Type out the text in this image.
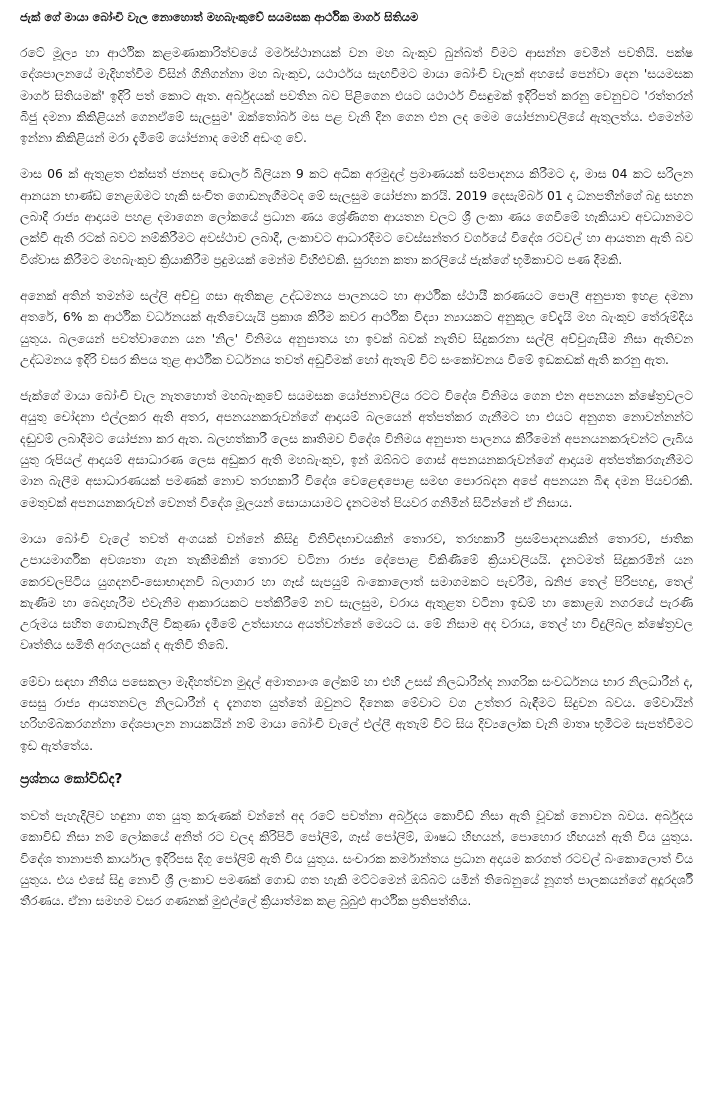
ජැක් ගේ මායා බෝංචි වැල නොහොත් මහබැංකුවේ සයමසක ආර්ථික මාර්ග සිතියම

රටේ මූල්‍ය හා ආර්ථික කළමණාකාරිත්වයේ මර්මස්ථානයක් වන මහ බැංකුව බුන්බත් විමට ආසන්න වෙමින් පවතියි. පක්ෂ දේශපාලනයේ මැදිහත්වීම විසින් ගිනිගන්නා මහ බැංකුව, යථාර්ථය සැඟවීමට මායා බෝංචි වැලක් අහසේ පෙන්වා දෙන 'සයමසක මාර්ග සිතියමක්' ඉදිරි පත් කොට ඇත. අර්බුදයක් පවතින බව පිළිගෙන එයට යථාර්ථ විසඳුමක් ඉදිරිපත් කරනු වෙනුවට 'රත්තරන් බිජු දමනා කිකිළියන් ගෙනඒමේ සැලසුම' ඔක්තෝබර් මස පළ වැනි දින ගෙන එන ලද මෙම යෝජනාවලියේ ඇතුලත්ය. එමෙන්ම ඉන්නා කිකිළියන් මරා දැමීමේ යෝජනාද මෙහි අඩංගු වේ.

මාස 06 ක් ඇතුළත එක්සත් ජනපද ඩොලර් බිලියන 9 කට අධික අරමුදල් ප්‍රමාණයක් සම්පාදනය කිරීමට ද, මාස 04 කට සරිලන ආනයන භාණ්ඩ නෙළඹමට හැකි සංචිත ගොඩනැගීමටද මේ සැලසුම යෝජනා කරයි. 2019 දෙසැම්බර් 01 දා ධනපතීන්ගේ බදු සහන ලබාදී රාජ්‍ය ආදායම පහළ දමාගෙන ලෝකයේ ප්‍රධාන ණය ශ්‍රේණිගත ආයතන වලට ශ්‍රී ලංකා ණය ගෙවීමේ හැකියාව අවධානමට ලක්වී ඇති රටක් බවට නම්කිරීමට අවස්ථාව ලබාදී, ලංකාවට ආධාරදීමට වෙස්සන්තර වර්ගයේ විදේශ රටවල් හා ආයතන ඇති බව විශ්වාස කිරීමට මහබැංකුව ක්‍රියාකිරීම ප්‍රදුමයක් මෙන්ම විහිළුවකි. සුරහන කතා කරලියේ ජැක්ගේ භූමිකාවට පණ දීමකි.

අනෙක් අතින් තමන්ම සල්ලි අච්චු ගසා ඇතිකළ උද්ධමනය පාලනයට හා ආර්ථික ස්ථායී කරණයට පොලී අනුපාත ඉහළ දමනා අතරේ, 6% ක ආර්ථික වර්ධනයක් ඇතිවෙයැයි ප්‍රකාශ කිරීම කවර ආර්ථික විද්‍යා න්‍යායකට අනුකූල වේදැයි මහ බැංකුව තේරුම්දිය යුතුය. බලයෙන් පවත්වාගෙන යන 'නිල' විනිමය අනුපාතය හා ඉවක් බවක් නැතිව සිදුකරනා සල්ලි අච්චුගැසීම නිසා ඇතිවන උද්ධමනය ඉදිරි වසර කිපය තුළ ආර්ථික වර්ධනය තවත් අඩුවීමක් හෝ ඇතැම් විට සංකෝචනය වීමේ ඉඩකඩක් ඇති කරනු ඇත.

ජැක්ගේ මායා බෝංචි වැල නැතහොත් මහබැංකුවේ සයමසක යෝජනාවලිය රටට විදේශ විනිමය ගෙන එන අපනයන ක්ෂේත්‍රවලට අයුතු චෝදනා එල්ලකර ඇති අතර, අපනයනකරුවන්ගේ ආදායම් බලයෙන් අත්පත්කර ගැනීමට හා එයට අනුගත නොවන්නන්ට දඬුවම් ලබාදීමට යෝජනා කර ඇත. බලහත්කාරී ලෙස කෘතිමව විදේශ විනිමය අනුපාත පාලනය කිරීමෙන් අපනයනකරුවන්ට ලැබිය යුතු රුපියල් ආදායම් අසාධාරණ ලෙස අඩුකර ඇති මහබැංකුව, ඉන් ඔබ්බට ගොස් අපනයනකරුවන්ගේ ආදායම අත්පත්කරගැනීමට මාන බැලීම අසාධාරණයක් පමණක් නොව තරහකාරී විදේශ වෙළෙඳපොළ සමඟ පොරබදන අපේ අපනයන බිඳ දමන පියවරකි. මෙතුවක් අපනයනකරුවන් වෙනත් විදේශ මූලයන් සොයායාමට දැනටමත් පියවර ගනිමින් සිටින්නේ ඒ නිසාය.

මායා බෝංචි වැලේ තවත් අංගයක් වන්නේ කිසිදු විනිවිදභාවයකින් තොරව, තරහකාරී ප්‍රසම්පාදනයකින් තොරව, ජාතික උපායමාර්ගික අවශ්‍යතා ගැන තැකීමකින් තොරව වටිනා රාජ්‍ය දේපොළ විකිණීමේ ක්‍රියාවලියයි. දැනටමත් සිදුකරමින් යන කෙරවලපිටිය යුගදනවි-සොභාදනවි බලාගාර හා ගෑස් සැපයුම් බංකොලොත් සමාගමකට පැවරීම, ඛනිජ තෙල් පිරිපහදු, තෙල් කැණීම හා බෙදාහැරීම එවැනිම ආකාරයකට පත්කිරීමේ නව සැලසුම, වරාය ඇතුළත වටිනා ඉඩම් හා කොළඹ නගරයේ පැරණි උරුමය සහිත ගොඩනැගිලි විකුණා දැමීමේ උත්සාහය අයත්වන්නේ මෙයට ය. මේ නිසාම අද වරාය, තෙල් හා විදුලිබල ක්ෂේත්‍රවල වෘත්තිය සමිති අරගලයක් ද ඇතිවී තිබේ.

මේවා සඳහා නීතිය පසෙකලා මැදිහත්වන මුදල් අමාත්‍යාංශ ලේකම් හා එහි උසස් නිලධාරීන්ද නාගරික සංවර්ධනය භාර නිලධාරීන් ද, සෙසු රාජ්‍ය ආයතනවල නිලධාරීන් ද දැනගත යුත්තේ ඔවුනට දිනෙක මේවාට වග උත්තර බැඳීමට සිදුවන බවය. මේවායින් හරිහම්බකරගන්නා දේශපාලන නායකයින් නම් මායා බෝංචි වැලේ එල්ලී ඇතැම් විට සිය දිව්‍යලෝක වැනි මාතෘ භූමිටම සැපත්වීමට ඉඩ ඇත්තේය.

ප්‍රශ්නය කෝවිඩ්ද?

තවත් පැහැදිලිව හඳුනා ගත යුතු කරුණක් වන්නේ අද රටේ පවත්නා අර්බුදය කොවිඩ් නිසා ඇති වූවක් නොවන බවය. අර්බුදය කොවිඩ් නිසා නම් ලෝකයේ අනිත් රට වලද කිරිපිටි පෝලිම්, ගෑස් පෝලිම්, ඖෂධ හිඟයන්, පොහොර හිඟයන් ඇති විය යුතුය. විදේශ තානාපති කාර්යාල ඉදිරිපස දිගු පෝලිම් ඇති විය යුතුය. සංචාරක කර්මාන්තය ප්‍රධාන අදායම කරගත් රටවල් බංකොලොත් විය යුතුය. එය එසේ සිදු නොවී ශ්‍රී ලංකාව පමණක් ගොඩ ගත හැකි මට්ටමෙන් ඔබ්බට යමින් තිබෙනුයේ නූගත් පාලකයන්ගේ අදූරදර්ශී තීරණය. ඒනා සමහම වසර ගණනක් මුළුල්ලේ ක්‍රියාත්මක කළ බුබුළු ආර්ථික ප්‍රතිපත්තිය.
